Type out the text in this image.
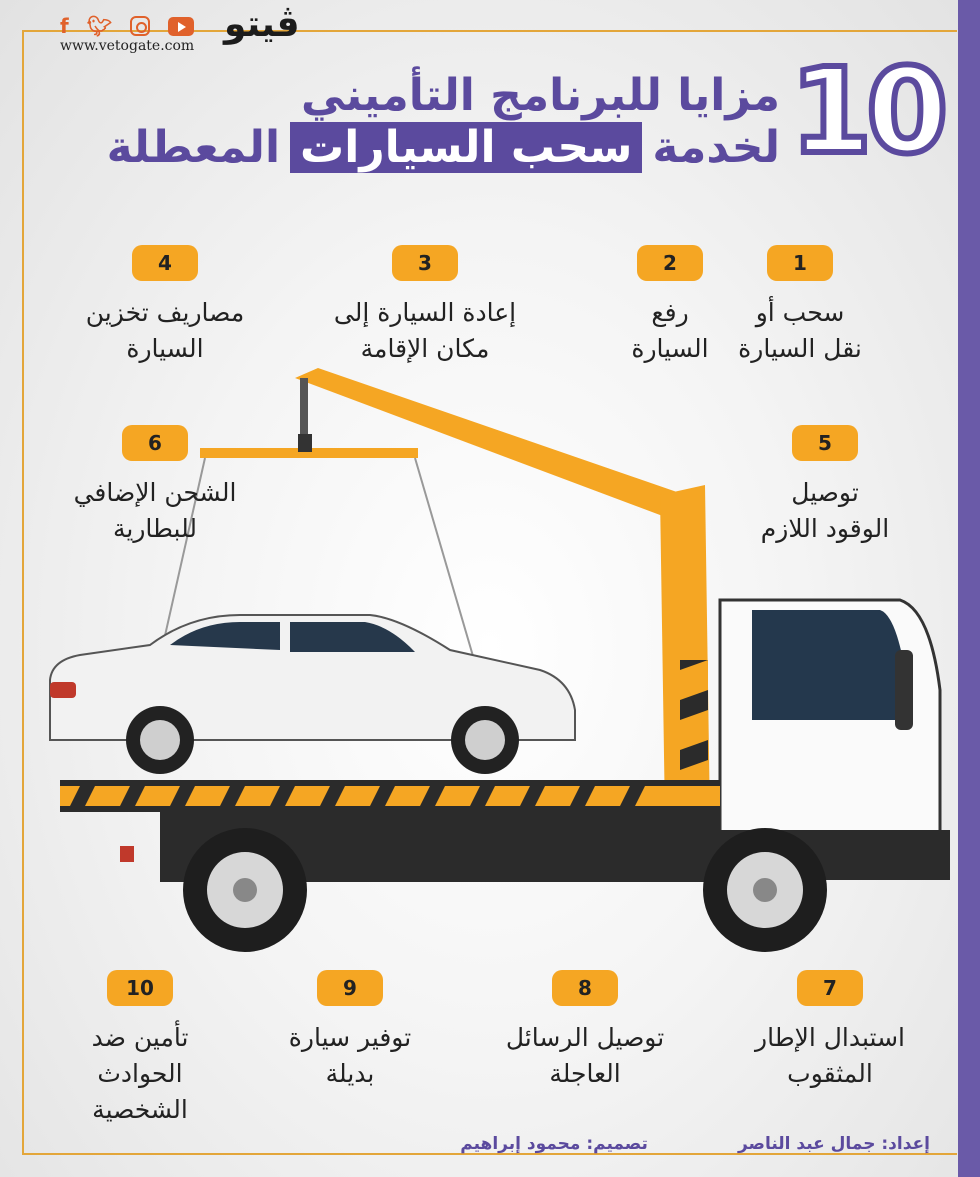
f 🐦︎
www.vetogate.com
ڤيتو
10
مزايا للبرنامج التأميني
لخدمة
سحب السيارات
المعطلة
1
سحب أو
نقل السيارة
2
رفع
السيارة
3
إعادة السيارة إلى
مكان الإقامة
4
مصاريف تخزين
السيارة
5
توصيل
الوقود اللازم
6
الشحن الإضافي
للبطارية
7
استبدال الإطار
المثقوب
8
توصيل الرسائل
العاجلة
9
توفير سيارة
بديلة
10
تأمين ضد
الحوادث
الشخصية
إعداد: جمال عبد الناصر
تصميم: محمود إبراهيم
